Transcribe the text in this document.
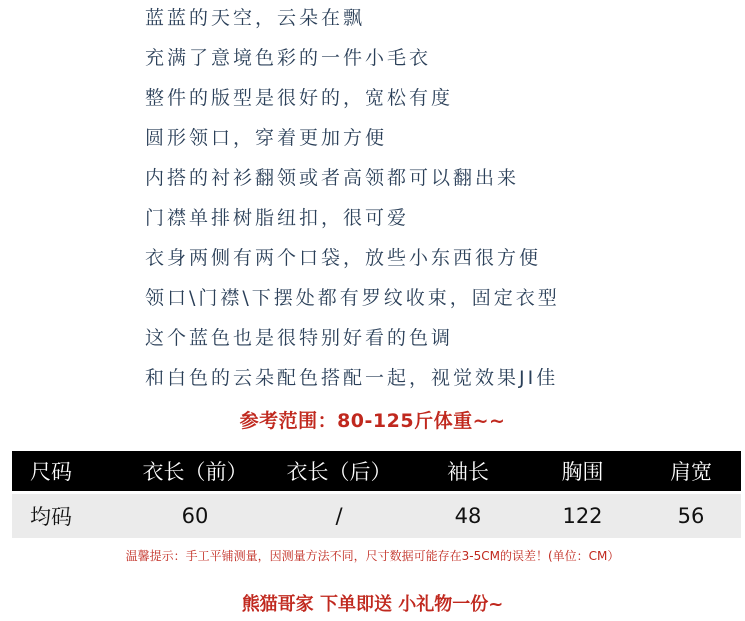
蓝蓝的天空，云朵在飘
充满了意境色彩的一件小毛衣
整件的版型是很好的，宽松有度
圆形领口，穿着更加方便
内搭的衬衫翻领或者高领都可以翻出来
门襟单排树脂纽扣，很可爱
衣身两侧有两个口袋，放些小东西很方便
领口\门襟\下摆处都有罗纹收束，固定衣型
这个蓝色也是很特别好看的色调
和白色的云朵配色搭配一起，视觉效果JI佳
参考范围：80-125斤体重~~
尺码	衣长（前）	衣长（后）	袖长	胸围	肩宽
均码	60	/	48	122	56
温馨提示：手工平铺测量，因测量方法不同，尺寸数据可能存在3-5CM的误差！(单位：CM）
熊猫哥家 下单即送 小礼物一份~
